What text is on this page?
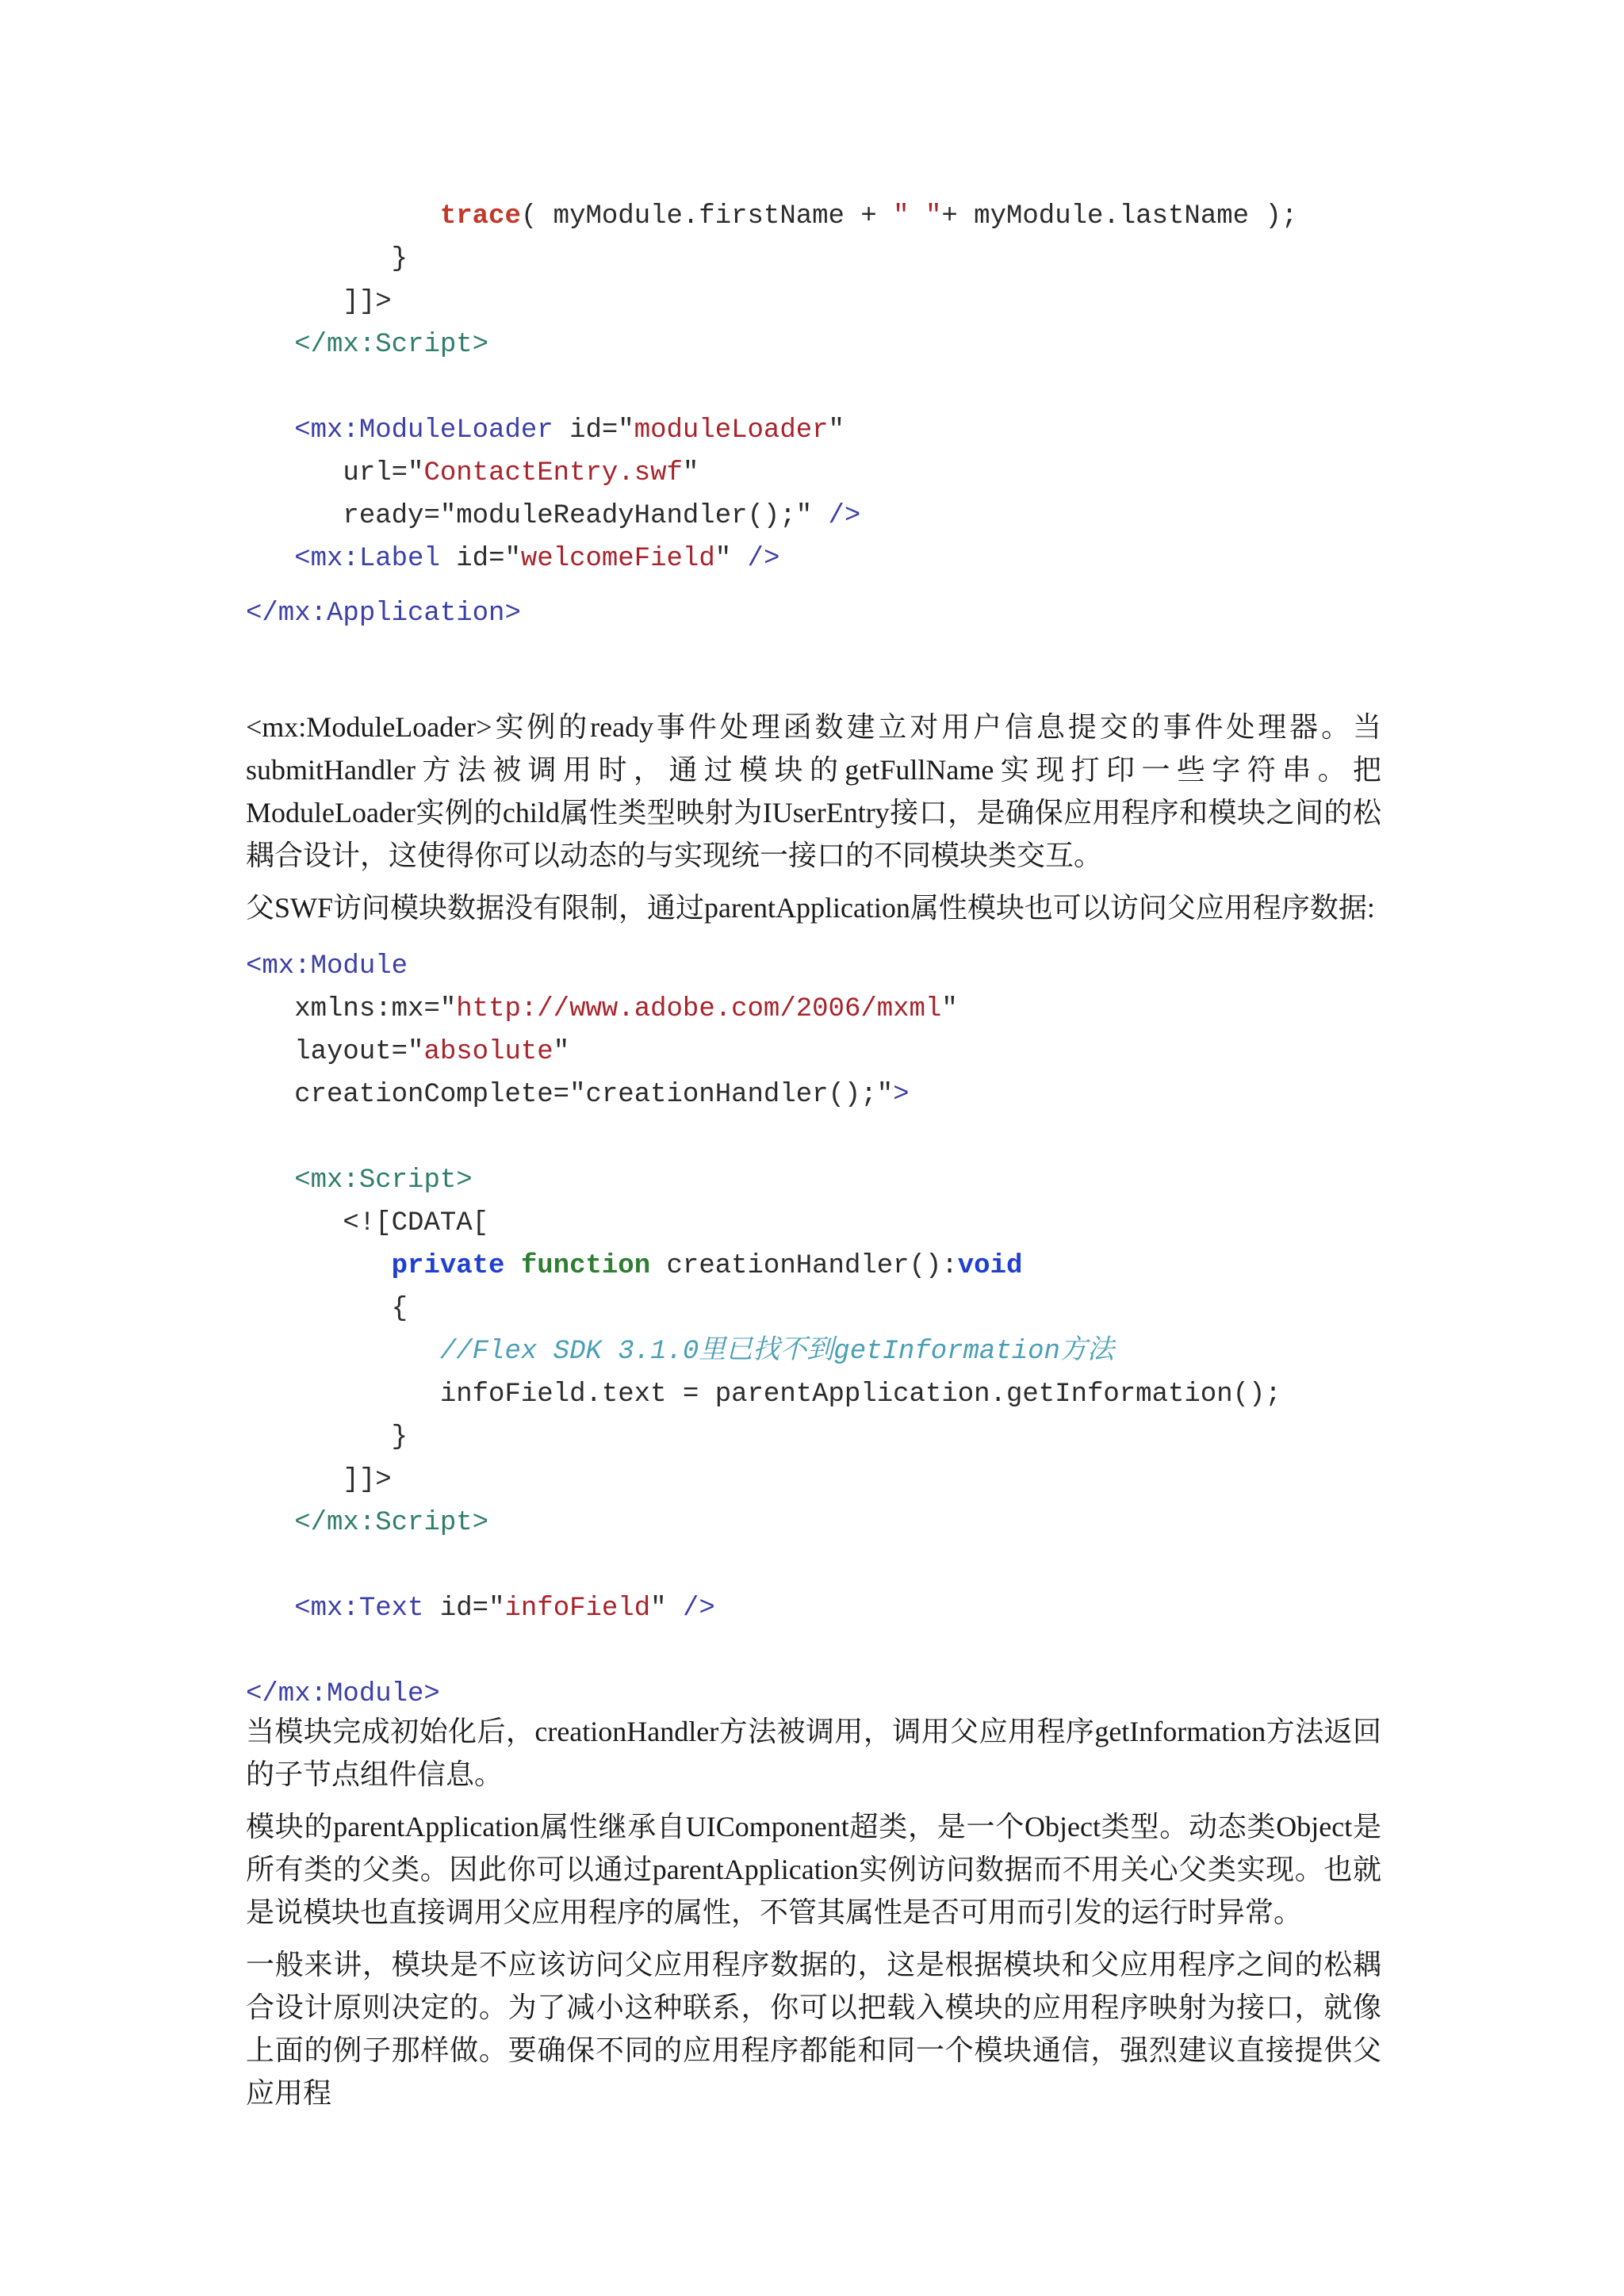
trace( myModule.firstName + " "+ myModule.lastName );
}
]]>
</mx:Script>
<mx:ModuleLoader id="moduleLoader"
url="ContactEntry.swf"
ready="moduleReadyHandler();" />
<mx:Label id="welcomeField" />
</mx:Application>

<mx:ModuleLoader>实例的ready事件处理函数建立对用户信息提交的事件处理器。当submitHandler方法被调用时，通过模块的getFullName实现打印一些字符串。把ModuleLoader实例的child属性类型映射为IUserEntry接口，是确保应用程序和模块之间的松耦合设计，这使得你可以动态的与实现统一接口的不同模块类交互。

父SWF访问模块数据没有限制，通过parentApplication属性模块也可以访问父应用程序数据:

<mx:Module
xmlns:mx="http://www.adobe.com/2006/mxml"
layout="absolute"
creationComplete="creationHandler();">
<mx:Script>
<![CDATA[
private function creationHandler():void
{
//Flex SDK 3.1.0里已找不到getInformation方法
infoField.text = parentApplication.getInformation();
}
]]>
</mx:Script>
<mx:Text id="infoField" />
</mx:Module>

当模块完成初始化后，creationHandler方法被调用，调用父应用程序getInformation方法返回的子节点组件信息。

模块的parentApplication属性继承自UIComponent超类，是一个Object类型。动态类Object是所有类的父类。因此你可以通过parentApplication实例访问数据而不用关心父类实现。也就是说模块也直接调用父应用程序的属性，不管其属性是否可用而引发的运行时异常。

一般来讲，模块是不应该访问父应用程序数据的，这是根据模块和父应用程序之间的松耦合设计原则决定的。为了减小这种联系，你可以把载入模块的应用程序映射为接口，就像上面的例子那样做。要确保不同的应用程序都能和同一个模块通信，强烈建议直接提供父应用程
